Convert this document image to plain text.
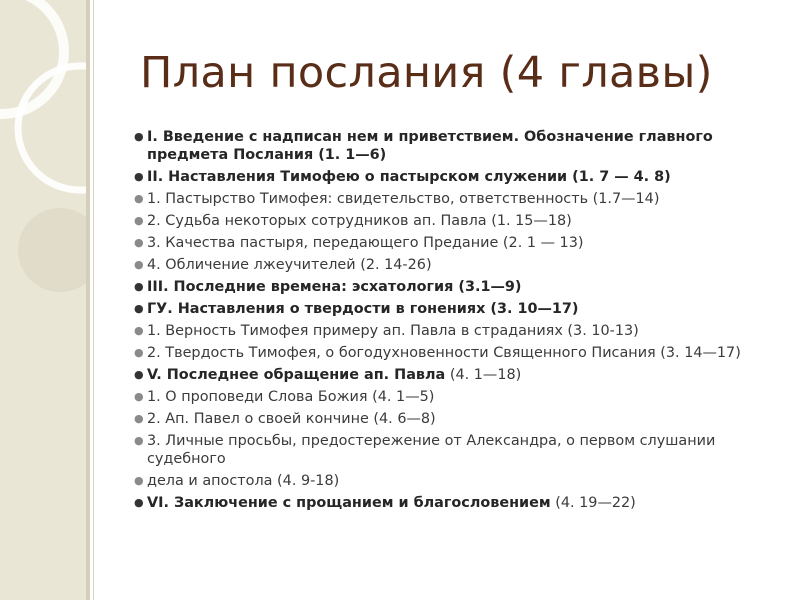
План послания (4 главы)
● I. Введение с надписан нем и приветствием. Обозначение главного предмета Послания (1. 1—6)
● II. Наставления Тимофею о пастырском служении (1. 7 — 4. 8)
● 1. Пастырство Тимофея: свидетельство, ответственность (1.7—14)
● 2. Судьба некоторых сотрудников ап. Павла (1. 15—18)
● 3. Качества пастыря, передающего Предание (2. 1 — 13)
● 4. Обличение лжеучителей (2. 14-26)
● III. Последние времена: эсхатология (3.1—9)
● ГУ. Наставления о твердости в гонениях (3. 10—17)
● 1. Верность Тимофея примеру ап. Павла в страданиях (3. 10-13)
● 2. Твердость Тимофея, о богодухновенности Священного Писания (3. 14—17)
● V. Последнее обращение ап. Павла (4. 1—18)
● 1. О проповеди Слова Божия (4. 1—5)
● 2. Ап. Павел о своей кончине (4. 6—8)
● 3. Личные просьбы, предостережение от Александра, о первом слушании судебного
● дела и апостола (4. 9-18)
● VI. Заключение с прощанием и благословением (4. 19—22)
